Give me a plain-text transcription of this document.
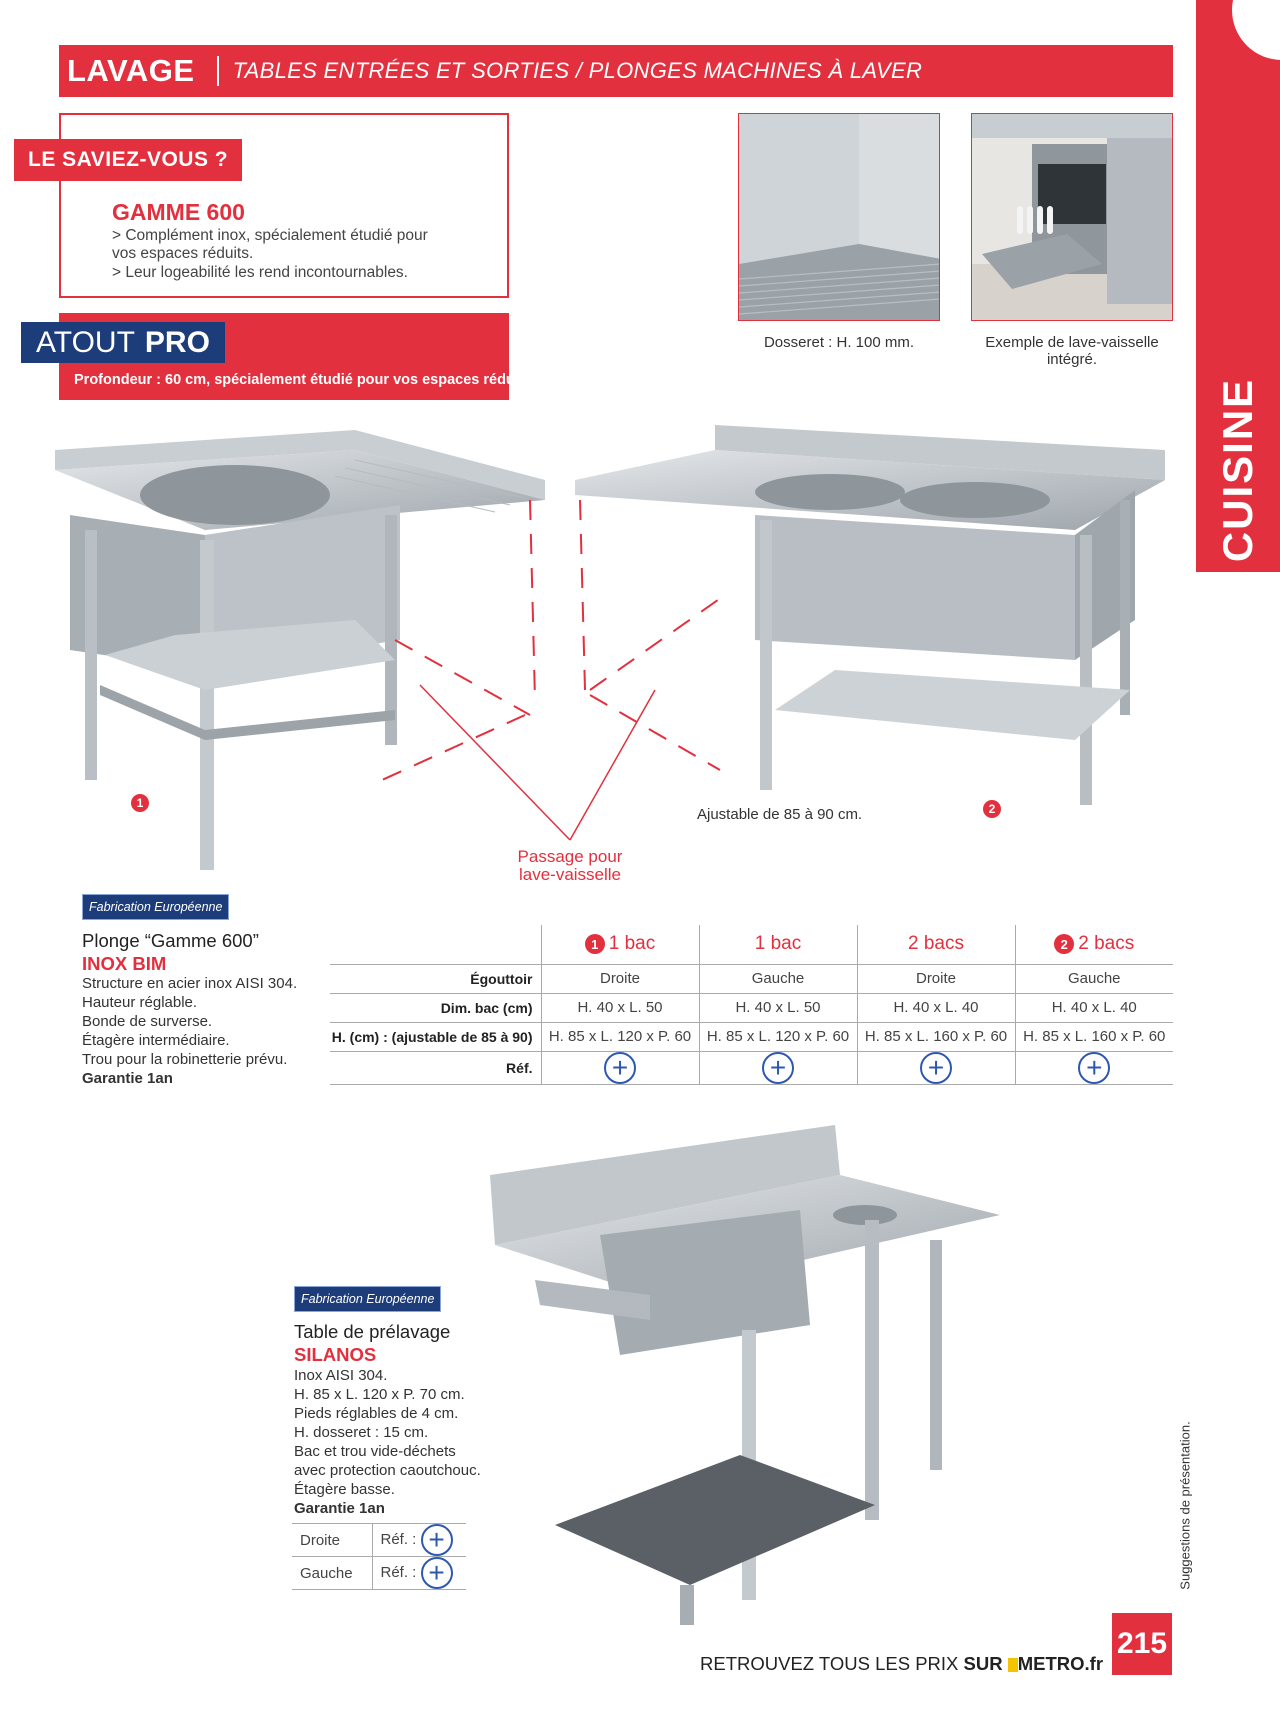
CUISINE
LAVAGE TABLES ENTRÉES ET SORTIES / PLONGES MACHINES À LAVER
LE SAVIEZ-VOUS ?
GAMME 600
> Complément inox, spécialement étudié pour
vos espaces réduits.
> Leur logeabilité les rend incontournables.
ATOUT PRO
Profondeur : 60 cm, spécialement étudié pour vos espaces réduits
Dosseret : H. 100 mm.	Exemple de lave-vaisselle
intégré.
1	2
Ajustable de 85 à 90 cm.
Passage pour
lave-vaisselle
Fabrication Européenne
Plonge “Gamme 600”
INOX BIM
Structure en acier inox AISI 304.
Hauteur réglable.
Bonde de surverse.
Étagère intermédiaire.
Trou pour la robinetterie prévu.
Garantie 1an
	1 1 bac	1 bac	2 bacs	2 2 bacs
Égouttoir	Droite	Gauche	Droite	Gauche
Dim. bac (cm)	H. 40 x L. 50	H. 40 x L. 50	H. 40 x L. 40	H. 40 x L. 40
H. (cm) : (ajustable de 85 à 90)	H. 85 x L. 120 x P. 60	H. 85 x L. 120 x P. 60	H. 85 x L. 160 x P. 60	H. 85 x L. 160 x P. 60
Réf.	+	+	+	+
Fabrication Européenne
Table de prélavage
SILANOS
Inox AISI 304.
H. 85 x L. 120 x P. 70 cm.
Pieds réglables de 4 cm.
H. dosseret : 15 cm.
Bac et trou vide-déchets
avec protection caoutchouc.
Étagère basse.
Garantie 1an
Droite	Réf. : +
Gauche	Réf. : +	Suggestions de présentation.
RETROUVEZ TOUS LES PRIX SUR METRO.fr
215
